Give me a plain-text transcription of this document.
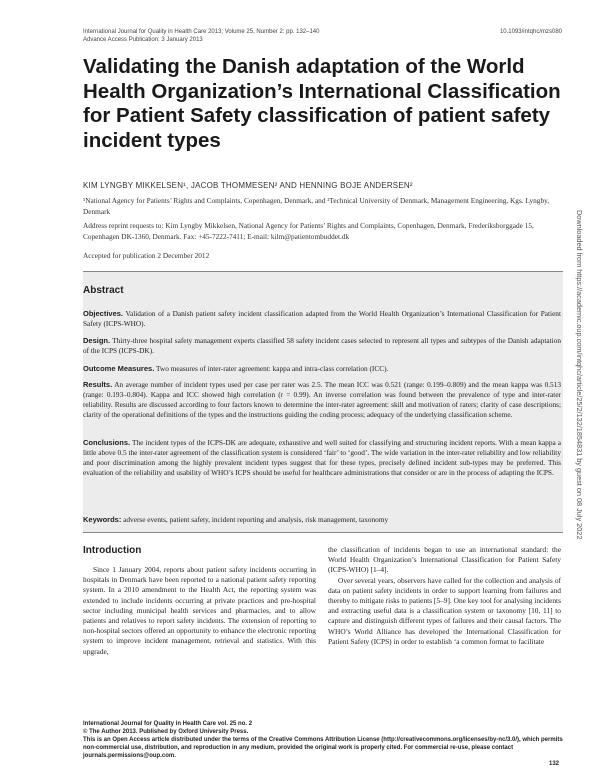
International Journal for Quality in Health Care 2013; Volume 25, Number 2: pp. 132–140
Advance Access Publication: 3 January 2013
10.1093/intqhc/mzs080
Validating the Danish adaptation of the World Health Organization’s International Classification for Patient Safety classification of patient safety incident types
KIM LYNGBY MIKKELSEN¹, JACOB THOMMESEN² AND HENNING BOJE ANDERSEN²
¹National Agency for Patients’ Rights and Complaints, Copenhagen, Denmark, and ²Technical University of Denmark, Management Engineering, Kgs. Lyngby, Denmark
Address reprint requests to: Kim Lyngby Mikkelsen, National Agency for Patients’ Rights and Complaints, Copenhagen, Denmark, Frederiksborggade 15, Copenhagen DK-1360, Denmark. Fax: +45-7222-7411; E-mail: kilm@patientombuddet.dk
Accepted for publication 2 December 2012
Abstract

Objectives. Validation of a Danish patient safety incident classification adapted from the World Health Organization’s International Classification for Patient Safety (ICPS-WHO).

Design. Thirty-three hospital safety management experts classified 58 safety incident cases selected to represent all types and subtypes of the Danish adaptation of the ICPS (ICPS-DK).

Outcome Measures. Two measures of inter-rater agreement: kappa and intra-class correlation (ICC).

Results. An average number of incident types used per case per rater was 2.5. The mean ICC was 0.521 (range: 0.199–0.809) and the mean kappa was 0.513 (range: 0.193–0.804). Kappa and ICC showed high correlation (r = 0.99). An inverse correlation was found between the prevalence of type and inter-rater reliability. Results are discussed according to four factors known to determine the inter-rater agreement: skill and motivation of raters; clarity of case descriptions; clarity of the operational definitions of the types and the instructions guiding the coding process; adequacy of the underlying classification scheme.

Conclusions. The incident types of the ICPS-DK are adequate, exhaustive and well suited for classifying and structuring incident reports. With a mean kappa a little above 0.5 the inter-rater agreement of the classification system is considered ‘fair’ to ‘good’. The wide variation in the inter-rater reliability and low reliability and poor discrimination among the highly prevalent incident types suggest that for these types, precisely defined incident sub-types may be preferred. This evaluation of the reliability and usability of WHO’s ICPS should be useful for healthcare administrations that consider or are in the process of adapting the ICPS.

Keywords: adverse events, patient safety, incident reporting and analysis, risk management, taxonomy

Introduction

Since 1 January 2004, reports about patient safety incidents occurring in hospitals in Denmark have been reported to a national patient safety reporting system. In a 2010 amendment to the Health Act, the reporting system was extended to include incidents occurring at private practices and pre-hospital sector including municipal health services and pharmacies, and to allow patients and relatives to report safety incidents. The extension of reporting to non-hospital sectors offered an opportunity to enhance the electronic reporting system to improve incident management, retrieval and statistics. With this upgrade,

the classification of incidents began to use an international standard: the World Health Organization’s International Classification for Patient Safety (ICPS-WHO) [1–4].
Over several years, observers have called for the collection and analysis of data on patient safety incidents in order to support learning from failures and thereby to mitigate risks to patients [5–9]. One key tool for analysing incidents and extracting useful data is a classification system or taxonomy [10, 11] to capture and distinguish different types of failures and their causal factors. The WHO’s World Alliance has developed the International Classification for Patient Safety (ICPS) in order to establish ‘a common format to facilitate

International Journal for Quality in Health Care vol. 25 no. 2
© The Author 2013. Published by Oxford University Press.
This is an Open Access article distributed under the terms of the Creative Commons Attribution License (http://creativecommons.org/licenses/by-nc/3.0/), which permits non-commercial use, distribution, and reproduction in any medium, provided the original work is properly cited. For commercial re-use, please contact journals.permissions@oup.com.
132
Downloaded from https://academic.oup.com/intqhc/article/25/2/132/1854831 by guest on 08 July 2022
